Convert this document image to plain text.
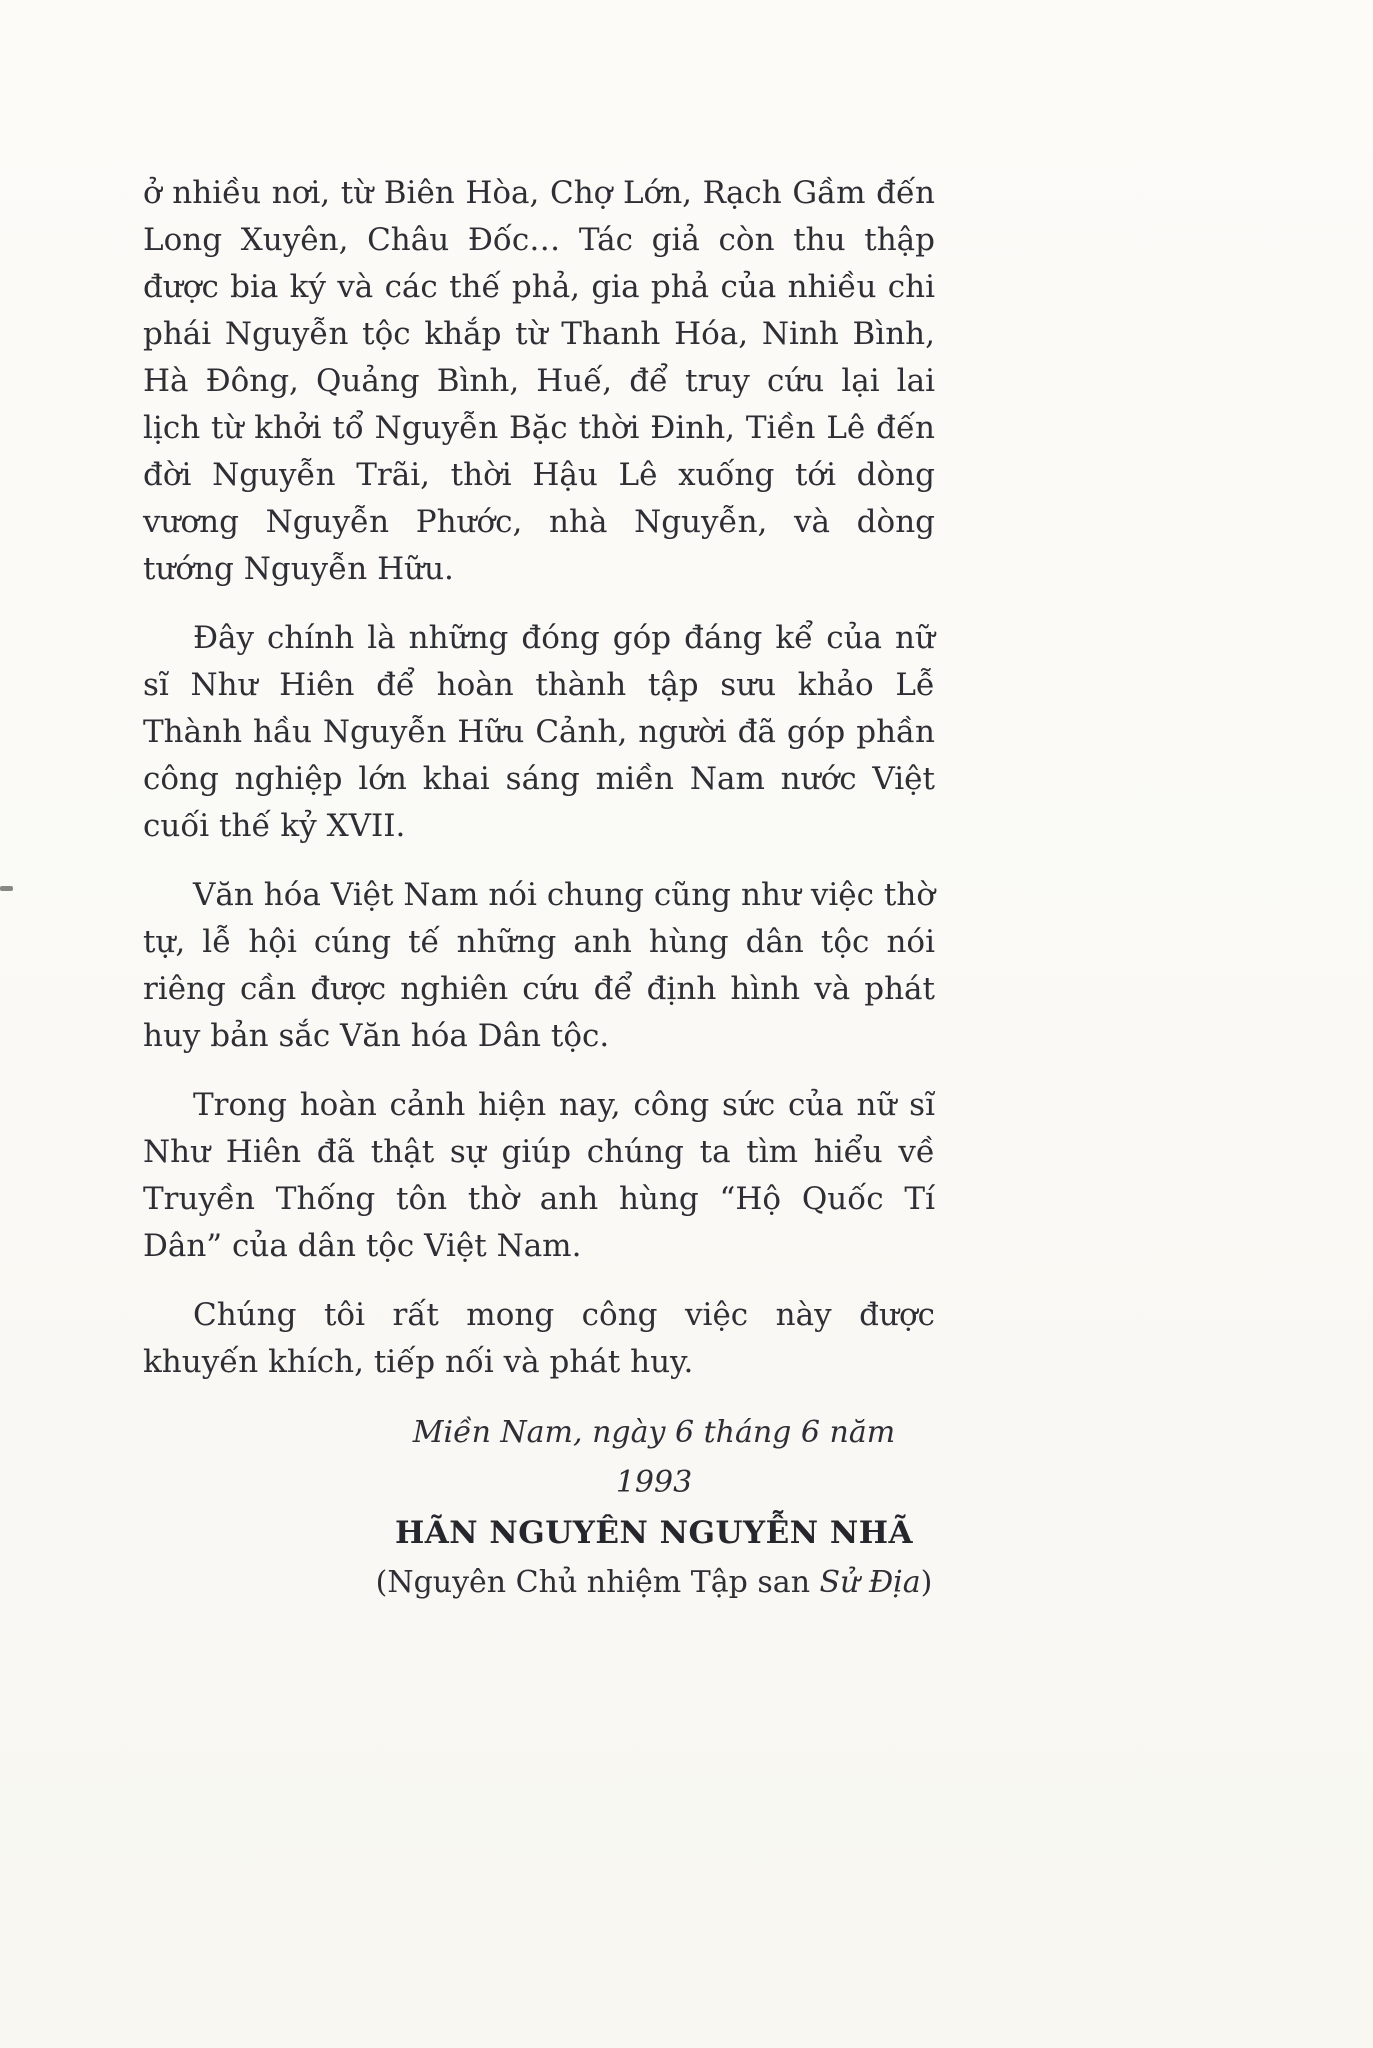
ở nhiều nơi, từ Biên Hòa, Chợ Lớn, Rạch Gầm đến Long Xuyên, Châu Đốc… Tác giả còn thu thập được bia ký và các thế phả, gia phả của nhiều chi phái Nguyễn tộc khắp từ Thanh Hóa, Ninh Bình, Hà Đông, Quảng Bình, Huế, để truy cứu lại lai lịch từ khởi tổ Nguyễn Bặc thời Đinh, Tiền Lê đến đời Nguyễn Trãi, thời Hậu Lê xuống tới dòng vương Nguyễn Phước, nhà Nguyễn, và dòng tướng Nguyễn Hữu.

Đây chính là những đóng góp đáng kể của nữ sĩ Như Hiên để hoàn thành tập sưu khảo Lễ Thành hầu Nguyễn Hữu Cảnh, người đã góp phần công nghiệp lớn khai sáng miền Nam nước Việt cuối thế kỷ XVII.

Văn hóa Việt Nam nói chung cũng như việc thờ tự, lễ hội cúng tế những anh hùng dân tộc nói riêng cần được nghiên cứu để định hình và phát huy bản sắc Văn hóa Dân tộc.

Trong hoàn cảnh hiện nay, công sức của nữ sĩ Như Hiên đã thật sự giúp chúng ta tìm hiểu về Truyền Thống tôn thờ anh hùng “Hộ Quốc Tí Dân” của dân tộc Việt Nam.

Chúng tôi rất mong công việc này được khuyến khích, tiếp nối và phát huy.

Miền Nam, ngày 6 tháng 6 năm 1993
HÃN NGUYÊN NGUYỄN NHÃ
(Nguyên Chủ nhiệm Tập san Sử Địa)
